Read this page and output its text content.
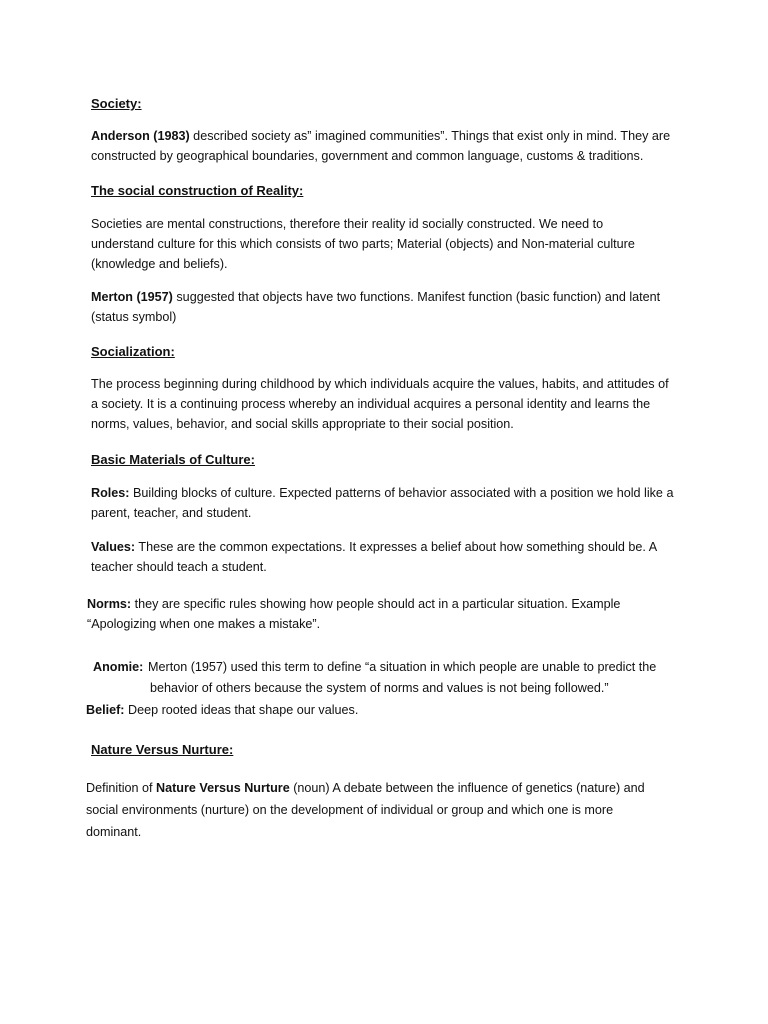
Society:
Anderson (1983) described society as” imagined communities”. Things that exist only in mind. They are
constructed by geographical boundaries, government and common language, customs & traditions.
The social construction of Reality:
Societies are mental constructions, therefore their reality id socially constructed. We need to
understand culture for this which consists of two parts; Material (objects) and Non-material culture
(knowledge and beliefs).
Merton (1957) suggested that objects have two functions. Manifest function (basic function) and latent
(status symbol)
Socialization:
The process beginning during childhood by which individuals acquire the values, habits, and attitudes of
a society. It is a continuing process whereby an individual acquires a personal identity and learns the
norms, values, behavior, and social skills appropriate to their social position.
Basic Materials of Culture:
Roles: Building blocks of culture. Expected patterns of behavior associated with a position we hold like a
parent, teacher, and student.
Values: These are the common expectations. It expresses a belief about how something should be. A
teacher should teach a student.
Norms: they are specific rules showing how people should act in a particular situation. Example
“Apologizing when one makes a mistake”.
Anomie: Merton (1957) used this term to define “a situation in which people are unable to predict the
behavior of others because the system of norms and values is not being followed.”
Belief: Deep rooted ideas that shape our values.
Nature Versus Nurture:
Definition of Nature Versus Nurture (noun) A debate between the influence of genetics (nature) and
social environments (nurture) on the development of individual or group and which one is more
dominant.
